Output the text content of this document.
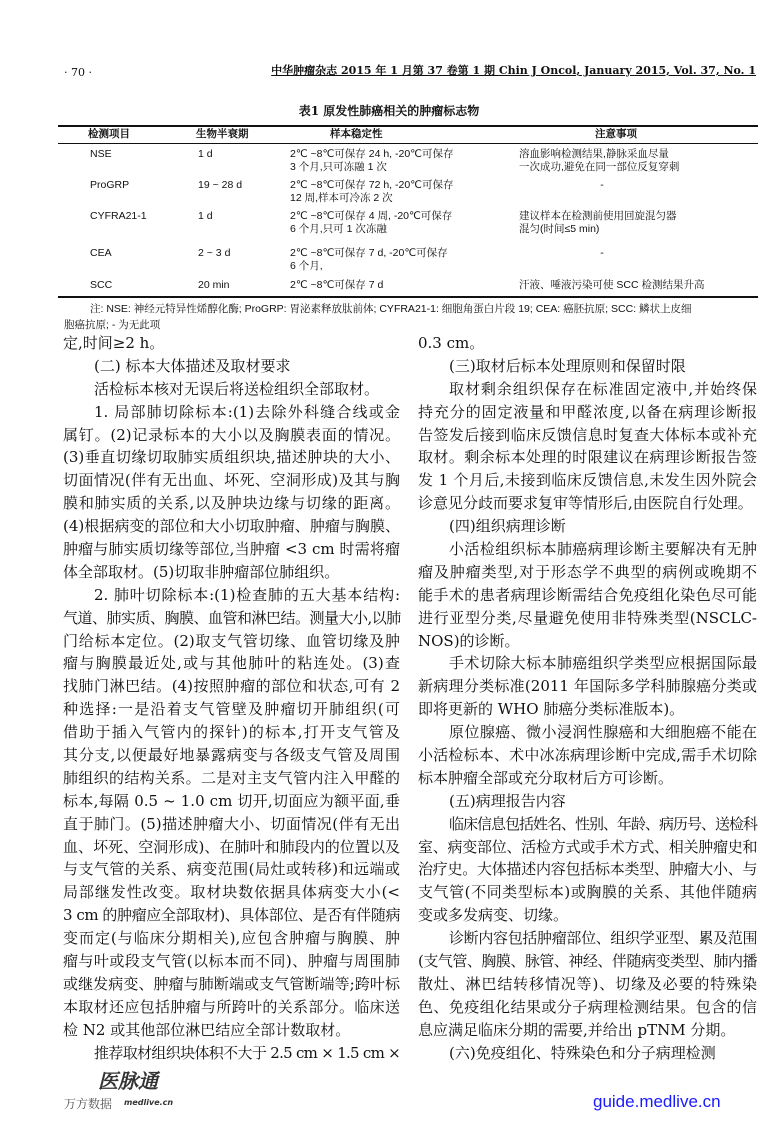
· 70 ·	中华肿瘤杂志 2015 年 1 月第 37 卷第 1 期 Chin J Oncol, January 2015, Vol. 37, No. 1
表1 原发性肺癌相关的肿瘤标志物
检测项目	生物半衰期	样本稳定性	注意事项
NSE	1 d	2℃ ~8℃可保存 24 h, -20℃可保存
3 个月,只可冻融 1 次
溶血影响检测结果,静脉采血尽量
一次成功,避免在同一部位反复穿刺
ProGRP	19 ~ 28 d	2℃ ~8℃可保存 72 h, -20℃可保存
12 周,样本可冷冻 2 次
-
CYFRA21-1	1 d	2℃ ~8℃可保存 4 周, -20℃可保存
6 个月,只可 1 次冻融
建议样本在检测前使用回旋混匀器
混匀(时间≤5 min)
CEA	2 ~ 3 d	2℃ ~8℃可保存 7 d, -20℃可保存
6 个月,
-
SCC	20 min	2℃ ~8℃可保存 7 d	汗液、唾液污染可使 SCC 检测结果升高
注: NSE: 神经元特异性烯醇化酶; ProGRP: 胃泌素释放肽前体; CYFRA21-1: 细胞角蛋白片段 19; CEA: 癌胚抗原; SCC: 鳞状上皮细
胞癌抗原; - 为无此项
定,时间≥2 h。
(二) 标本大体描述及取材要求
活检标本核对无误后将送检组织全部取材。
1. 局部肺切除标本:(1)去除外科缝合线或金
属钉。(2)记录标本的大小以及胸膜表面的情况。
(3)垂直切缘切取肺实质组织块,描述肿块的大小、
切面情况(伴有无出血、坏死、空洞形成)及其与胸
膜和肺实质的关系,以及肿块边缘与切缘的距离。
(4)根据病变的部位和大小切取肿瘤、肿瘤与胸膜、
肿瘤与肺实质切缘等部位,当肿瘤 <3 cm 时需将瘤
体全部取材。(5)切取非肿瘤部位肺组织。
2. 肺叶切除标本:(1)检查肺的五大基本结构:
气道、肺实质、胸膜、血管和淋巴结。测量大小,以肺
门给标本定位。(2)取支气管切缘、血管切缘及肿
瘤与胸膜最近处,或与其他肺叶的粘连处。(3)查
找肺门淋巴结。(4)按照肿瘤的部位和状态,可有 2
种选择:一是沿着支气管壁及肿瘤切开肺组织(可
借助于插入气管内的探针)的标本,打开支气管及
其分支,以便最好地暴露病变与各级支气管及周围
肺组织的结构关系。二是对主支气管内注入甲醛的
标本,每隔 0.5 ~ 1.0 cm 切开,切面应为额平面,垂
直于肺门。(5)描述肿瘤大小、切面情况(伴有无出
血、坏死、空洞形成)、在肺叶和肺段内的位置以及
与支气管的关系、病变范围(局灶或转移)和远端或
局部继发性改变。取材块数依据具体病变大小(<
3 cm 的肿瘤应全部取材)、具体部位、是否有伴随病
变而定(与临床分期相关),应包含肿瘤与胸膜、肿
瘤与叶或段支气管(以标本而不同)、肿瘤与周围肺
或继发病变、肿瘤与肺断端或支气管断端等;跨叶标
本取材还应包括肿瘤与所跨叶的关系部分。临床送
检 N2 或其他部位淋巴结应全部计数取材。
推荐取材组织块体积不大于 2.5 cm × 1.5 cm ×
0.3 cm。
(三)取材后标本处理原则和保留时限
取材剩余组织保存在标准固定液中,并始终保
持充分的固定液量和甲醛浓度,以备在病理诊断报
告签发后接到临床反馈信息时复查大体标本或补充
取材。剩余标本处理的时限建议在病理诊断报告签
发 1 个月后,未接到临床反馈信息,未发生因外院会
诊意见分歧而要求复审等情形后,由医院自行处理。
(四)组织病理诊断
小活检组织标本肺癌病理诊断主要解决有无肿
瘤及肿瘤类型,对于形态学不典型的病例或晚期不
能手术的患者病理诊断需结合免疫组化染色尽可能
进行亚型分类,尽量避免使用非特殊类型(NSCLC-
NOS)的诊断。
手术切除大标本肺癌组织学类型应根据国际最
新病理分类标准(2011 年国际多学科肺腺癌分类或
即将更新的 WHO 肺癌分类标准版本)。
原位腺癌、微小浸润性腺癌和大细胞癌不能在
小活检标本、术中冰冻病理诊断中完成,需手术切除
标本肿瘤全部或充分取材后方可诊断。
(五)病理报告内容
临床信息包括姓名、性别、年龄、病历号、送检科
室、病变部位、活检方式或手术方式、相关肿瘤史和
治疗史。大体描述内容包括标本类型、肿瘤大小、与
支气管(不同类型标本)或胸膜的关系、其他伴随病
变或多发病变、切缘。
诊断内容包括肿瘤部位、组织学亚型、累及范围
(支气管、胸膜、脉管、神经、伴随病变类型、肺内播
散灶、淋巴结转移情况等)、切缘及必要的特殊染
色、免疫组化结果或分子病理检测结果。包含的信
息应满足临床分期的需要,并给出 pTNM 分期。
(六)免疫组化、特殊染色和分子病理检测
医脉通
万方数据 medlive.cn	guide.medlive.cn
